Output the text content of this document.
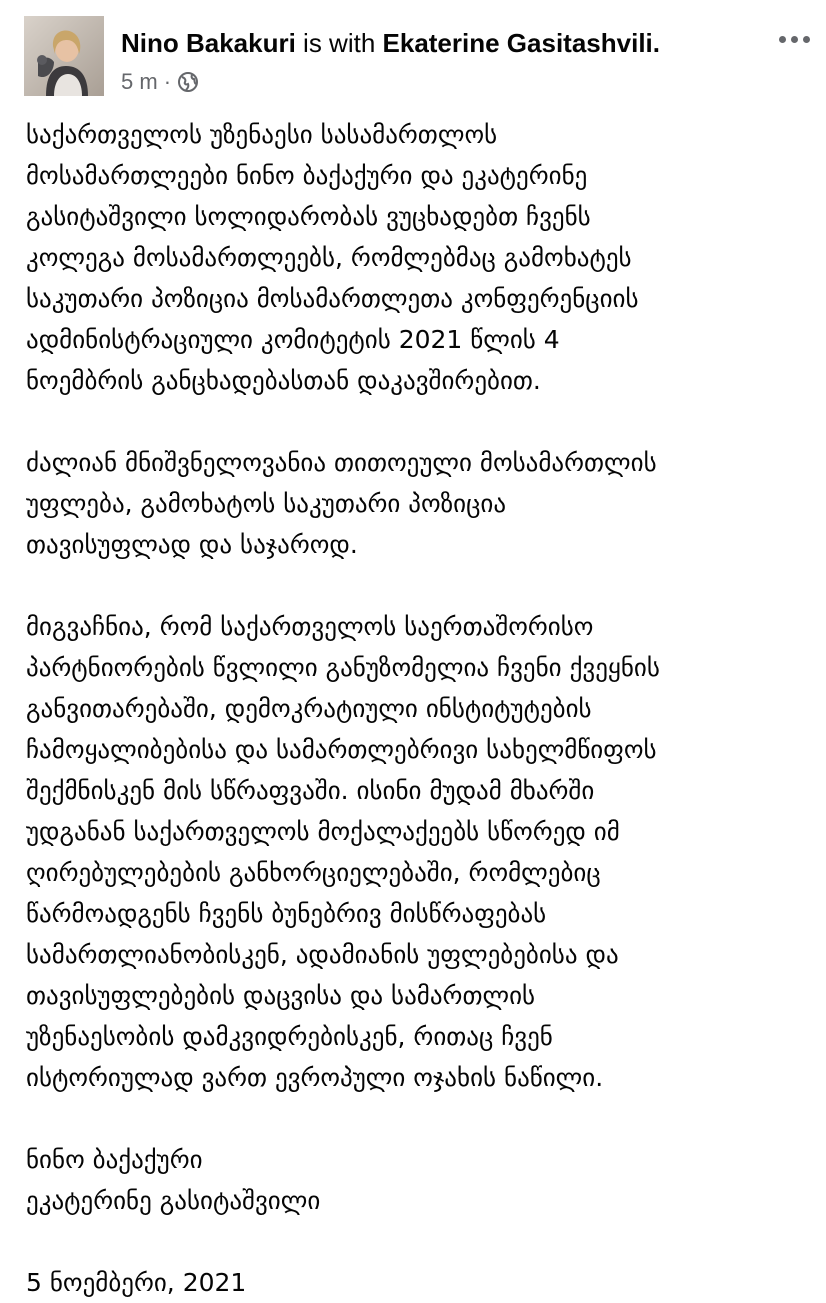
Nino Bakakuri is with Ekaterine Gasitashvili.
5 m ·

საქართველოს უზენაესი სასამართლოს
მოსამართლეები ნინო ბაქაქური და ეკატერინე
გასიტაშვილი სოლიდარობას ვუცხადებთ ჩვენს
კოლეგა მოსამართლეებს, რომლებმაც გამოხატეს
საკუთარი პოზიცია მოსამართლეთა კონფერენციის
ადმინისტრაციული კომიტეტის 2021 წლის 4
ნოემბრის განცხადებასთან დაკავშირებით.

ძალიან მნიშვნელოვანია თითოეული მოსამართლის
უფლება, გამოხატოს საკუთარი პოზიცია
თავისუფლად და საჯაროდ.

მიგვაჩნია, რომ საქართველოს საერთაშორისო
პარტნიორების წვლილი განუზომელია ჩვენი ქვეყნის
განვითარებაში, დემოკრატიული ინსტიტუტების
ჩამოყალიბებისა და სამართლებრივი სახელმწიფოს
შექმნისკენ მის სწრაფვაში. ისინი მუდამ მხარში
უდგანან საქართველოს მოქალაქეებს სწორედ იმ
ღირებულებების განხორციელებაში, რომლებიც
წარმოადგენს ჩვენს ბუნებრივ მისწრაფებას
სამართლიანობისკენ, ადამიანის უფლებებისა და
თავისუფლებების დაცვისა და სამართლის
უზენაესობის დამკვიდრებისკენ, რითაც ჩვენ
ისტორიულად ვართ ევროპული ოჯახის ნაწილი.

ნინო ბაქაქური
ეკატერინე გასიტაშვილი

5 ნოემბერი, 2021
